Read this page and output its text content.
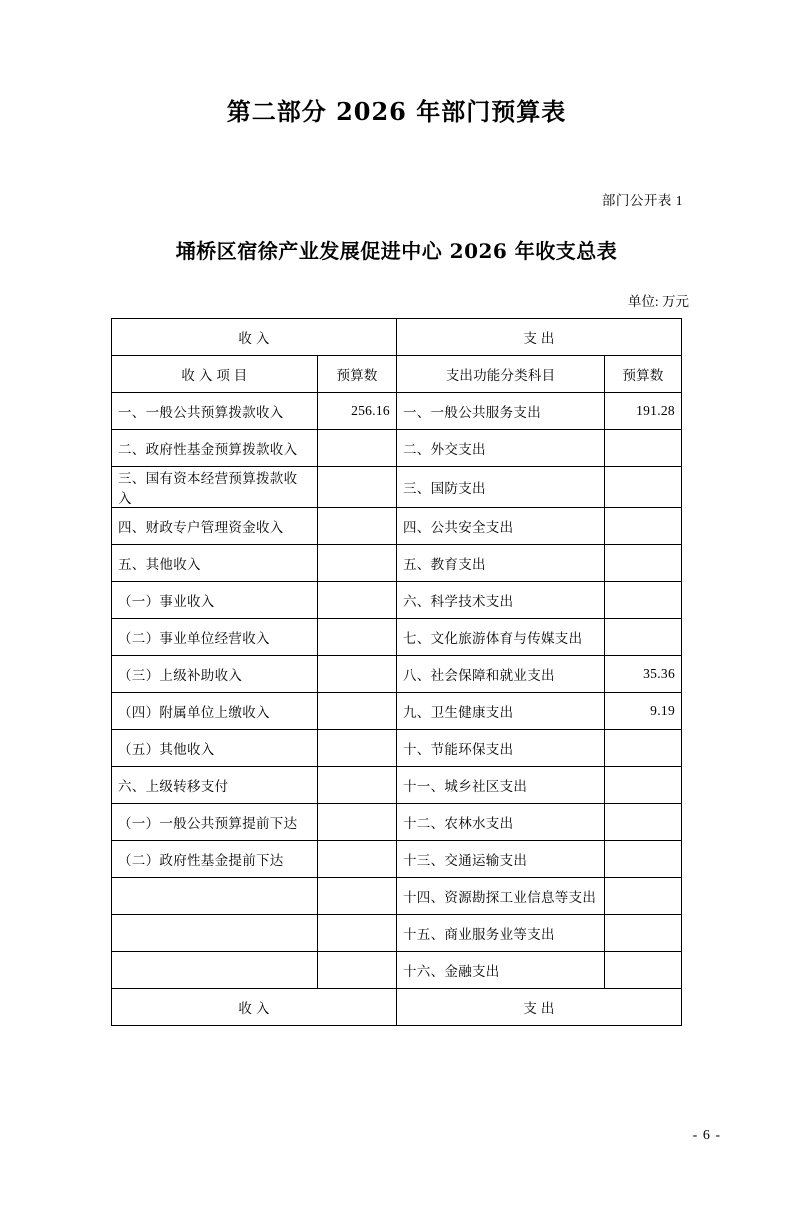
第二部分 2026 年部门预算表
部门公开表 1
埇桥区宿徐产业发展促进中心 2026 年收支总表
单位: 万元
收 入		支 出	
收 入 项 目	预算数	支出功能分类科目	预算数
一、一般公共预算拨款收入	256.16	一、一般公共服务支出	191.28
二、政府性基金预算拨款收入		二、外交支出	
三、国有资本经营预算拨款收入		三、国防支出	
四、财政专户管理资金收入		四、公共安全支出	
五、其他收入		五、教育支出	
（一）事业收入		六、科学技术支出	
（二）事业单位经营收入		七、文化旅游体育与传媒支出	
（三）上级补助收入		八、社会保障和就业支出	35.36
（四）附属单位上缴收入		九、卫生健康支出	9.19
（五）其他收入		十、节能环保支出	
六、上级转移支付		十一、城乡社区支出	
（一）一般公共预算提前下达		十二、农林水支出	
（二）政府性基金提前下达		十三、交通运输支出	
		十四、资源勘探工业信息等支出	
		十五、商业服务业等支出	
		十六、金融支出	
收 入		支 出	
- 6 -
